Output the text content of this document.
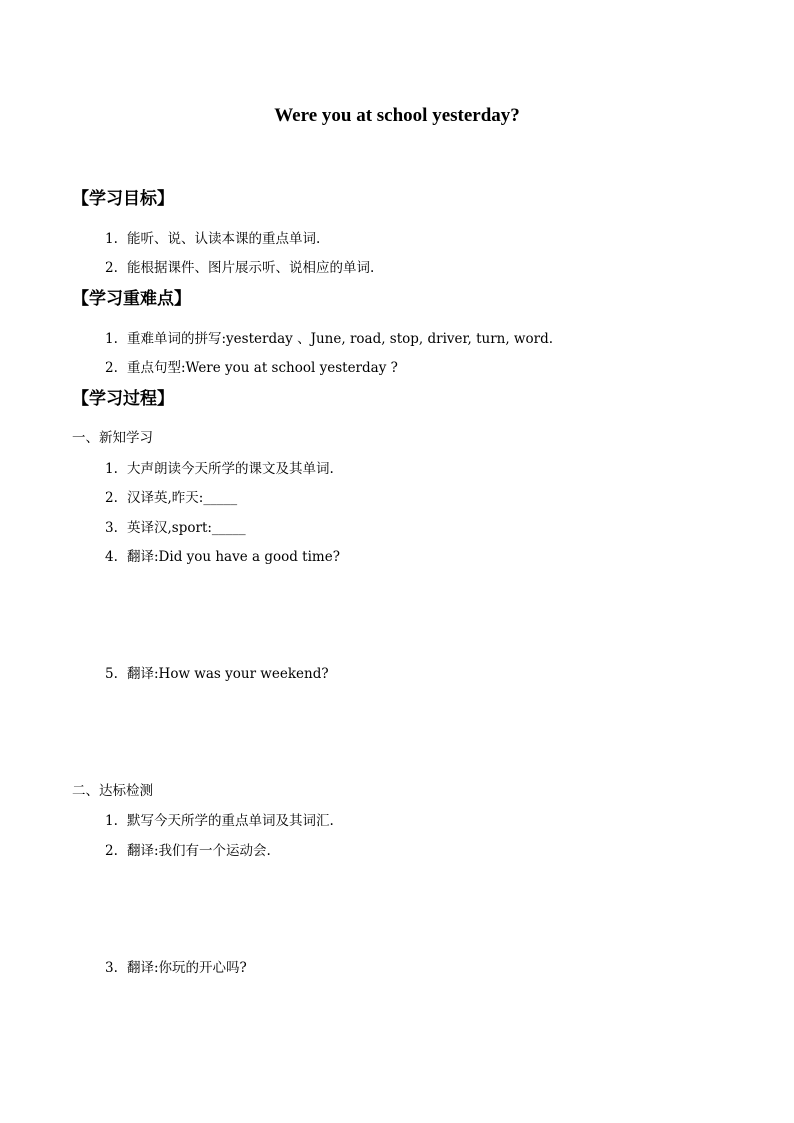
Were you at school yesterday?
【学习目标】
1. 能听、说、认读本课的重点单词.
2. 能根据课件、图片展示听、说相应的单词.
【学习重难点】
1. 重难单词的拼写:yesterday 、June, road, stop, driver, turn, word.
2. 重点句型:Were you at school yesterday ?
【学习过程】
一、新知学习
1. 大声朗读今天所学的课文及其单词.
2. 汉译英,昨天:_____
3. 英译汉,sport:_____
4. 翻译:Did you have a good time?
5. 翻译:How was your weekend?
二、达标检测
1. 默写今天所学的重点单词及其词汇.
2. 翻译:我们有一个运动会.
3. 翻译:你玩的开心吗?
